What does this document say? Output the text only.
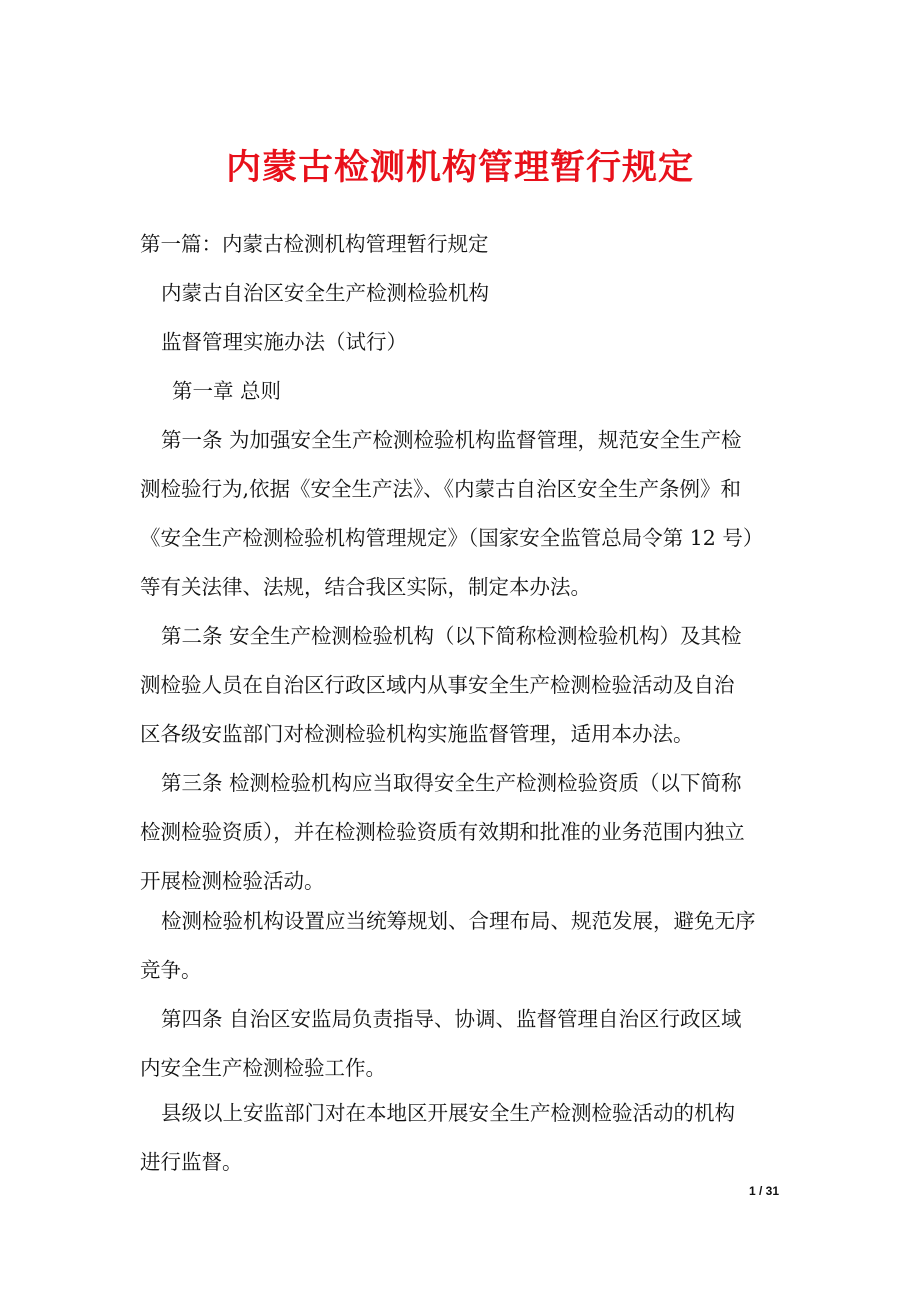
内蒙古检测机构管理暂行规定

第一篇：内蒙古检测机构管理暂行规定

内蒙古自治区安全生产检测检验机构

监督管理实施办法（试行）

第一章 总则

第一条 为加强安全生产检测检验机构监督管理，规范安全生产检
测检验行为,依据《安全生产法》、《内蒙古自治区安全生产条例》和
《安全生产检测检验机构管理规定》（国家安全监管总局令第 12 号）
等有关法律、法规，结合我区实际，制定本办法。

第二条 安全生产检测检验机构（以下简称检测检验机构）及其检
测检验人员在自治区行政区域内从事安全生产检测检验活动及自治
区各级安监部门对检测检验机构实施监督管理，适用本办法。

第三条 检测检验机构应当取得安全生产检测检验资质（以下简称
检测检验资质），并在检测检验资质有效期和批准的业务范围内独立
开展检测检验活动。

检测检验机构设置应当统筹规划、合理布局、规范发展，避免无序
竞争。

第四条 自治区安监局负责指导、协调、监督管理自治区行政区域
内安全生产检测检验工作。

县级以上安监部门对在本地区开展安全生产检测检验活动的机构
进行监督。

1 / 31
